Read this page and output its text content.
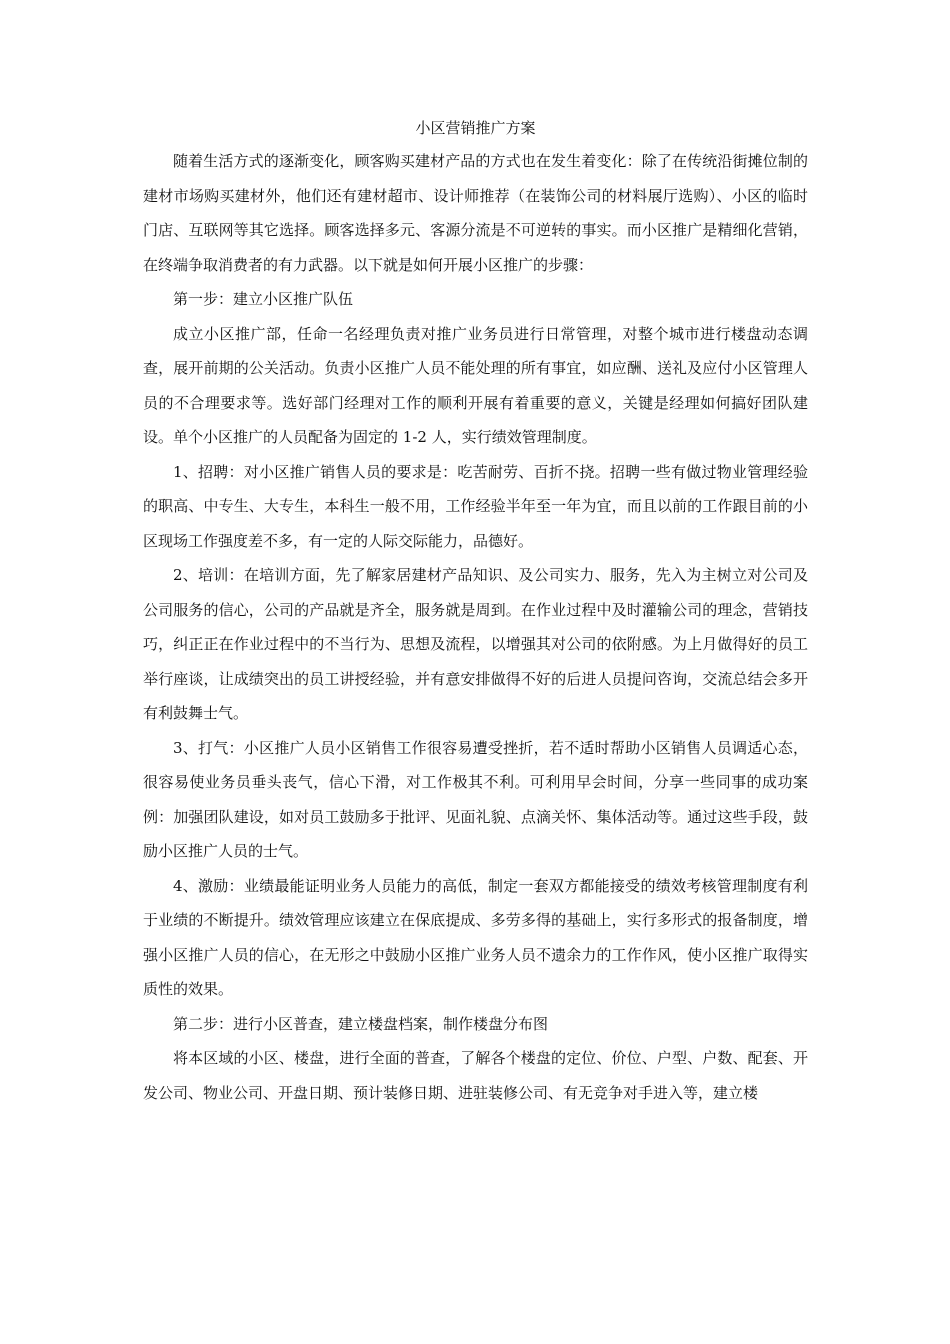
小区营销推广方案

随着生活方式的逐渐变化，顾客购买建材产品的方式也在发生着变化：除了在传统沿街摊位制的建材市场购买建材外，他们还有建材超市、设计师推荐（在装饰公司的材料展厅选购）、小区的临时门店、互联网等其它选择。顾客选择多元、客源分流是不可逆转的事实。而小区推广是精细化营销，在终端争取消费者的有力武器。以下就是如何开展小区推广的步骤：

第一步：建立小区推广队伍

成立小区推广部，任命一名经理负责对推广业务员进行日常管理，对整个城市进行楼盘动态调查，展开前期的公关活动。负责小区推广人员不能处理的所有事宜，如应酬、送礼及应付小区管理人员的不合理要求等。选好部门经理对工作的顺利开展有着重要的意义，关键是经理如何搞好团队建设。单个小区推广的人员配备为固定的 1-2 人，实行绩效管理制度。

1、招聘：对小区推广销售人员的要求是：吃苦耐劳、百折不挠。招聘一些有做过物业管理经验的职高、中专生、大专生，本科生一般不用，工作经验半年至一年为宜，而且以前的工作跟目前的小区现场工作强度差不多，有一定的人际交际能力，品德好。

2、培训：在培训方面，先了解家居建材产品知识、及公司实力、服务，先入为主树立对公司及公司服务的信心，公司的产品就是齐全，服务就是周到。在作业过程中及时灌输公司的理念，营销技巧，纠正正在作业过程中的不当行为、思想及流程，以增强其对公司的依附感。为上月做得好的员工举行座谈，让成绩突出的员工讲授经验，并有意安排做得不好的后进人员提问咨询，交流总结会多开有利鼓舞士气。

3、打气：小区推广人员小区销售工作很容易遭受挫折，若不适时帮助小区销售人员调适心态，很容易使业务员垂头丧气，信心下滑，对工作极其不利。可利用早会时间，分享一些同事的成功案例：加强团队建设，如对员工鼓励多于批评、见面礼貌、点滴关怀、集体活动等。通过这些手段，鼓励小区推广人员的士气。

4、激励：业绩最能证明业务人员能力的高低，制定一套双方都能接受的绩效考核管理制度有利于业绩的不断提升。绩效管理应该建立在保底提成、多劳多得的基础上，实行多形式的报备制度，增强小区推广人员的信心，在无形之中鼓励小区推广业务人员不遗余力的工作作风，使小区推广取得实质性的效果。

第二步：进行小区普查，建立楼盘档案，制作楼盘分布图

将本区域的小区、楼盘，进行全面的普查，了解各个楼盘的定位、价位、户型、户数、配套、开发公司、物业公司、开盘日期、预计装修日期、进驻装修公司、有无竞争对手进入等，建立楼
